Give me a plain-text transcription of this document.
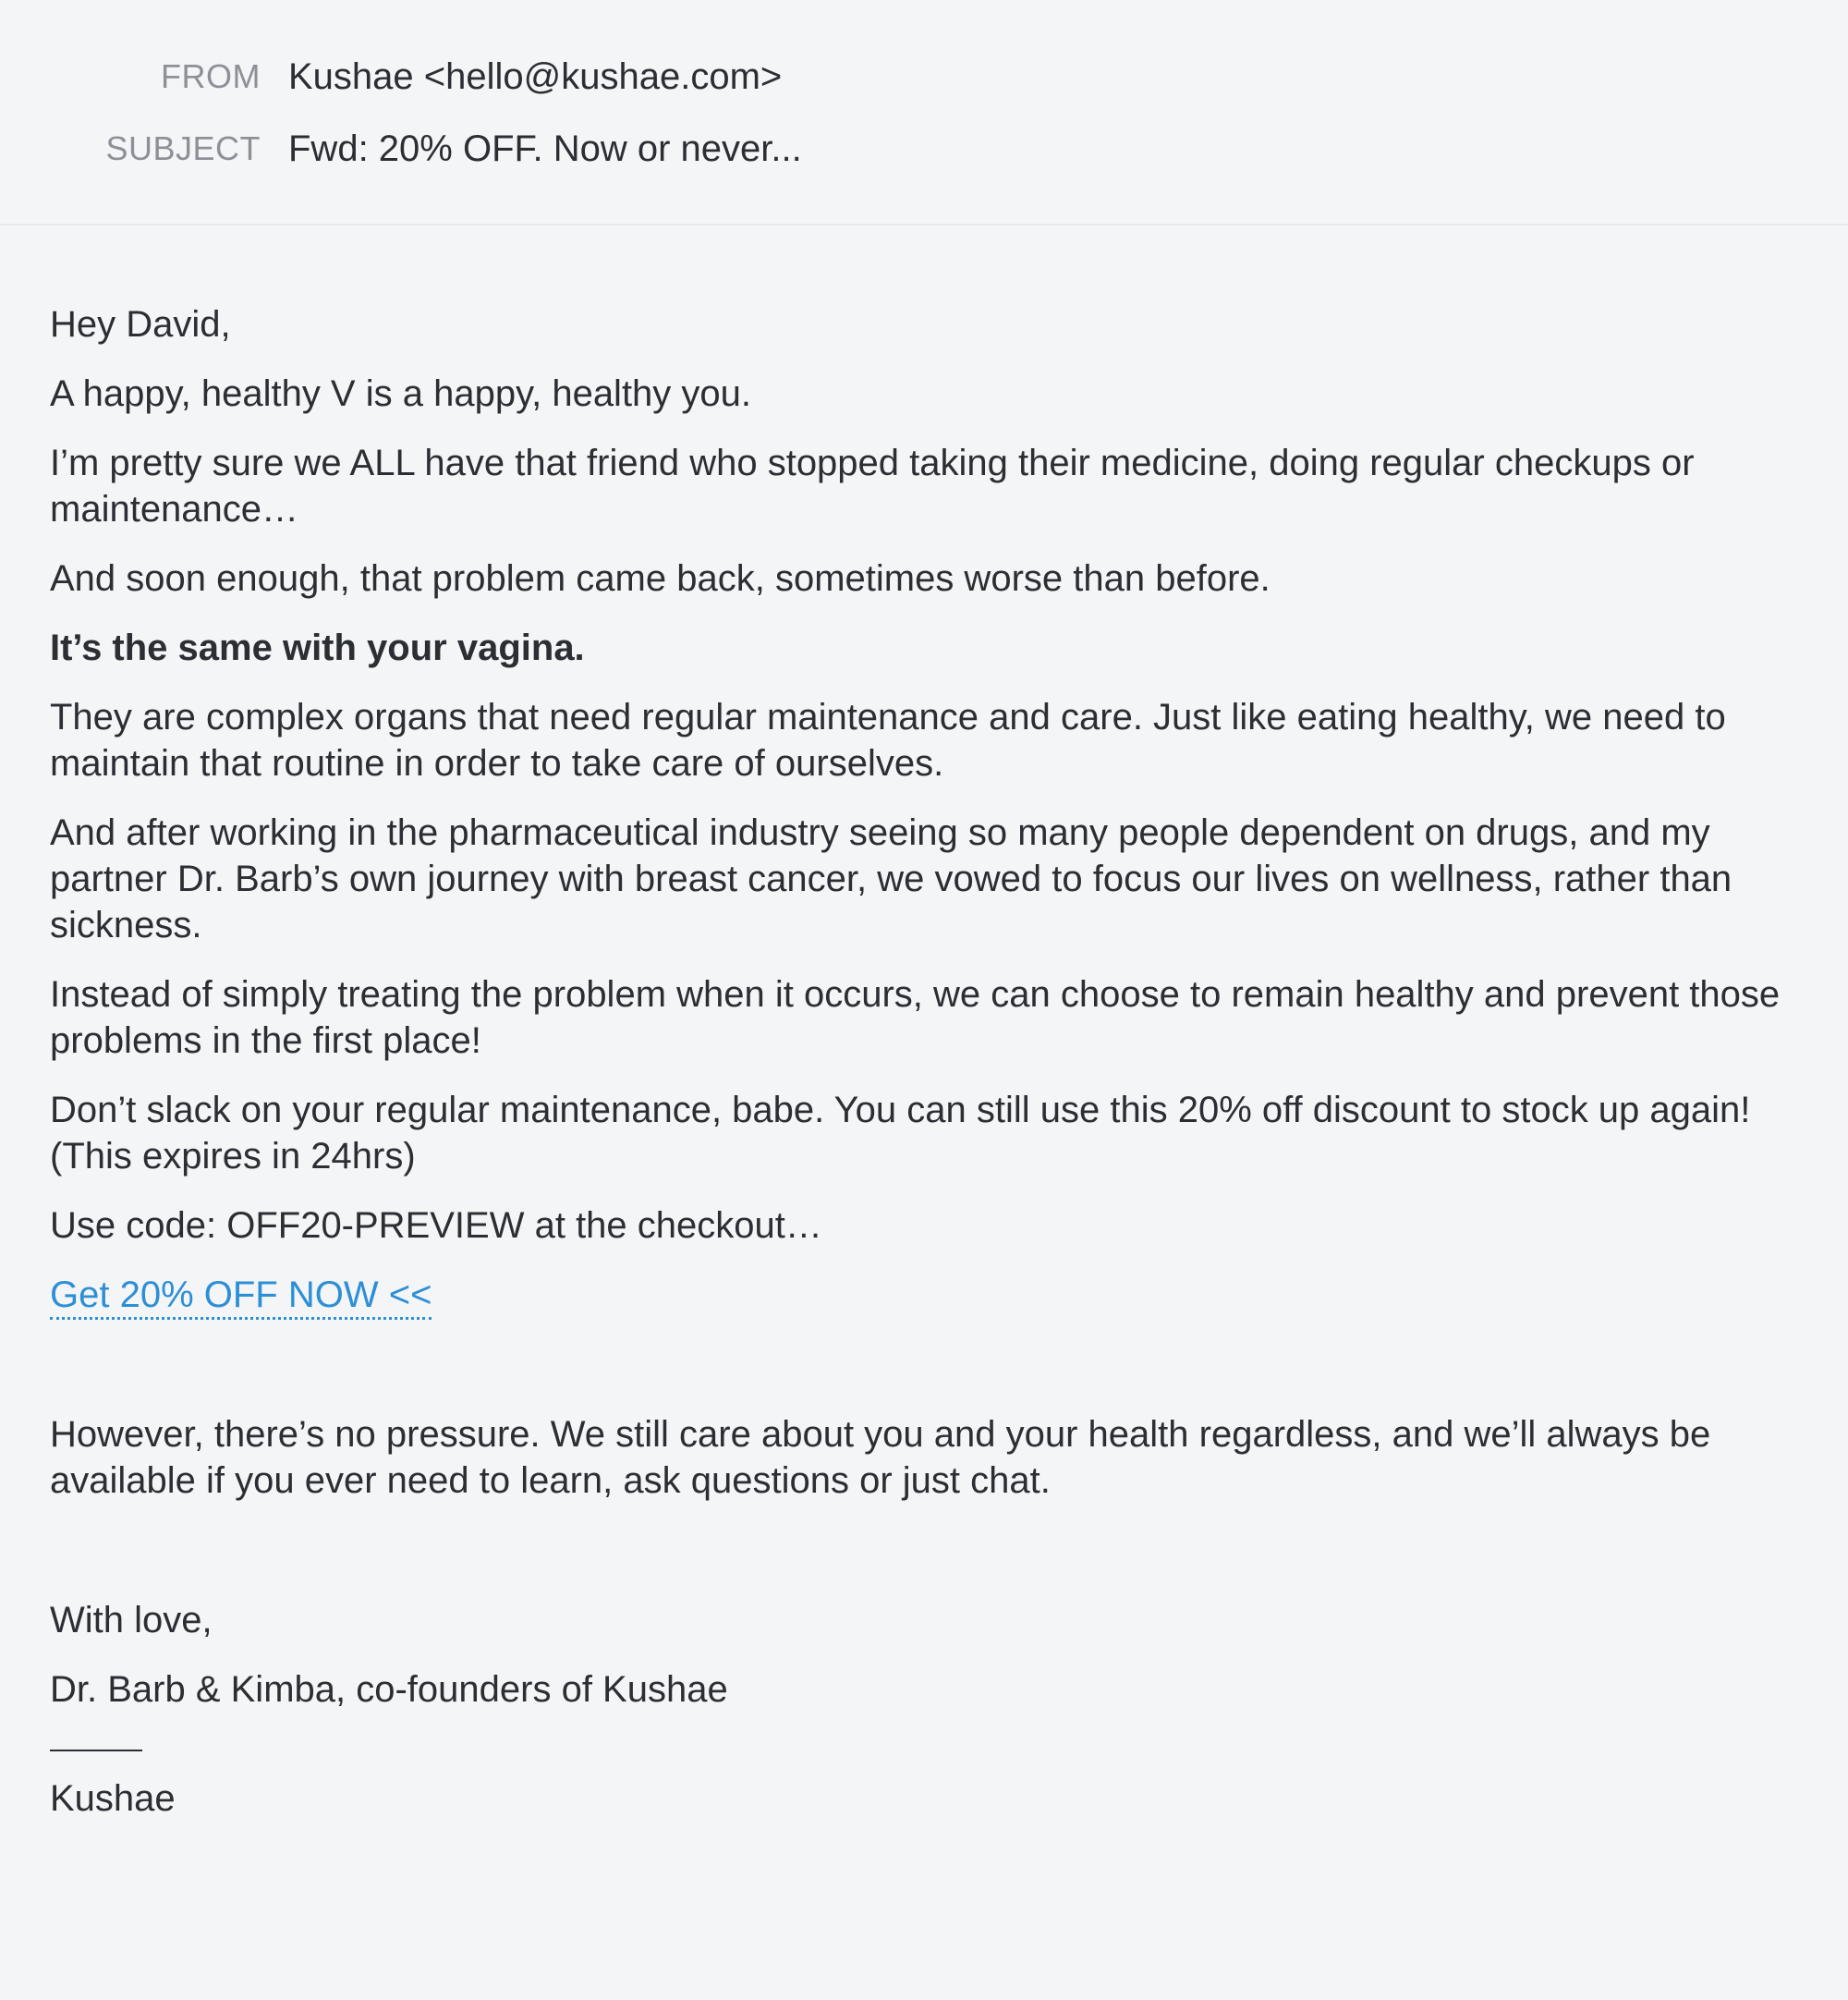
FROM Kushae <hello@kushae.com>
SUBJECT Fwd: 20% OFF. Now or never...

Hey David,

A happy, healthy V is a happy, healthy you.

I’m pretty sure we ALL have that friend who stopped taking their medicine, doing regular checkups or maintenance…

And soon enough, that problem came back, sometimes worse than before.

It’s the same with your vagina.

They are complex organs that need regular maintenance and care. Just like eating healthy, we need to maintain that routine in order to take care of ourselves.

And after working in the pharmaceutical industry seeing so many people dependent on drugs, and my partner Dr. Barb’s own journey with breast cancer, we vowed to focus our lives on wellness, rather than sickness.

Instead of simply treating the problem when it occurs, we can choose to remain healthy and prevent those problems in the first place!

Don’t slack on your regular maintenance, babe. You can still use this 20% off discount to stock up again! (This expires in 24hrs)

Use code: OFF20-PREVIEW at the checkout…

Get 20% OFF NOW <<

However, there’s no pressure. We still care about you and your health regardless, and we’ll always be available if you ever need to learn, ask questions or just chat.

With love,

Dr. Barb & Kimba, co-founders of Kushae

Kushae
